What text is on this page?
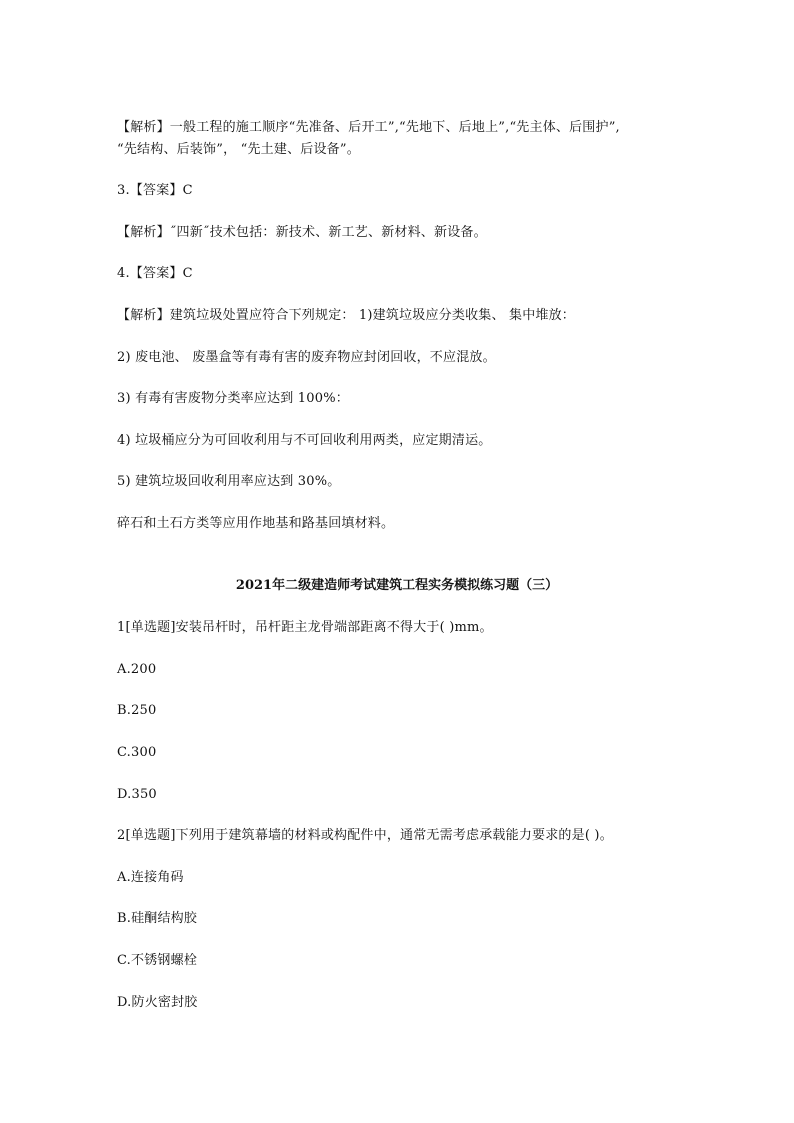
【解析】一般工程的施工顺序“先准备、后开工”,“先地下、后地上”,“先主体、后围护”,

“先结构、后装饰”， “先土建、后设备”。

3.【答案】C

【解析】˝四新˝技术包括：新技术、新工艺、新材料、新设备。

4.【答案】C

【解析】建筑垃圾处置应符合下列规定： 1)建筑垃圾应分类收集、 集中堆放：

2) 废电池、 废墨盒等有毒有害的废弃物应封闭回收，不应混放。

3) 有毒有害废物分类率应达到 100%：

4) 垃圾桶应分为可回收利用与不可回收利用两类，应定期清运。

5) 建筑垃圾回收利用率应达到 30%。

碎石和土石方类等应用作地基和路基回填材料。

2021年二级建造师考试建筑工程实务模拟练习题（三）

1[单选题]安装吊杆时，吊杆距主龙骨端部距离不得大于( )mm。

A.200

B.250

C.300

D.350

2[单选题]下列用于建筑幕墙的材料或构配件中，通常无需考虑承载能力要求的是( )。

A.连接角码

B.硅酮结构胶

C.不锈钢螺栓

D.防火密封胶
